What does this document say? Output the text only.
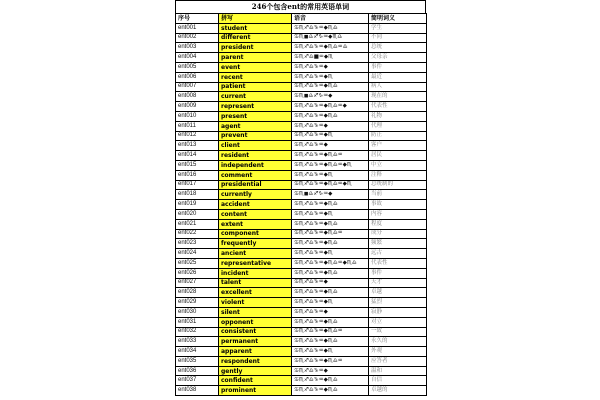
246个包含ent的常用英语单词
序号	拼写	语音	简明词义
ent001	student	♋♏♐♎♑♒◆♏♎	学生
ent002	different	♋♏◼♎♐♑♒◆♏♎	不同
ent003	president	♋♏♐♎♑♒◆♏♎♒♎	总统
ent004	parent	♋♏♐♎■♒◆♏	父母亲
ent005	event	♋♏♐♎♑♒◆	事件
ent006	recent	♋♏♐♎♑♒◆♏	最近
ent007	patient	♋♏♐♎♑♒◆♏♎	病人
ent008	current	♋♏◼♎♐♑♒◆	现在的
ent009	represent	♋♏♐♎♑♒◆♏♎♒◆	代表性
ent010	present	♋♏♐♎♑♒◆♏♎	礼物
ent011	agent	♋♏♐♎♑♒◆	代理
ent012	prevent	♋♏♐♎♑♒◆♏	防止
ent013	client	♋♏♐♎♑♒◆	客户
ent014	resident	♋♏♐♎♑♒◆♏♎♒	居民
ent015	independent	♋♏♐♎♑♒◆♏♎♒◆♏	中立
ent016	comment	♋♏♐♎♑♒◆♏	注释
ent017	presidential	♋♏♐♎♑♒◆♏♎♒◆♏	总统制的
ent018	currently	♋♏◼♎♐♑♒◆	当前
ent019	accident	♋♏♐♎♑♒◆♏♎	事故
ent020	content	♋♏♐♎♑♒◆♏	内容
ent021	extent	♋♏♐♎♑♒◆♏♎	程度
ent022	component	♋♏♐♎♑♒◆♏♎♒	成分
ent023	frequently	♋♏♐♎♑♒◆♏♎	频繁
ent024	ancient	♋♏♐♎♑♒◆♏	远古
ent025	representative	♋♏♐♎♑♒◆♏♎♒◆♏♎	代表性
ent026	incident	♋♏♐♎♑♒◆♏♎	事件
ent027	talent	♋♏♐♎♑♒◆	天才
ent028	excellent	♋♏♐♎♑♒◆♏♎	卓越
ent029	violent	♋♏♐♎♑♒◆♏	猛烈
ent030	silent	♋♏♐♎♑♒◆	寂静
ent031	opponent	♋♏♐♎♑♒◆♏♎	对立
ent032	consistent	♋♏♐♎♑♒◆♏♎♒	一致
ent033	permanent	♋♏♐♎♑♒◆♏♎	永久的
ent034	apparent	♋♏♐♎♑♒◆♏	外观
ent035	respondent	♋♏♐♎♑♒◆♏♎♒	应答者
ent036	gently	♋♏♐♎♑♒◆	温和
ent037	confident	♋♏♐♎♑♒◆♏♎	自信
ent038	prominent	♋♏♐♎♑♒◆♏♎	卓越的
